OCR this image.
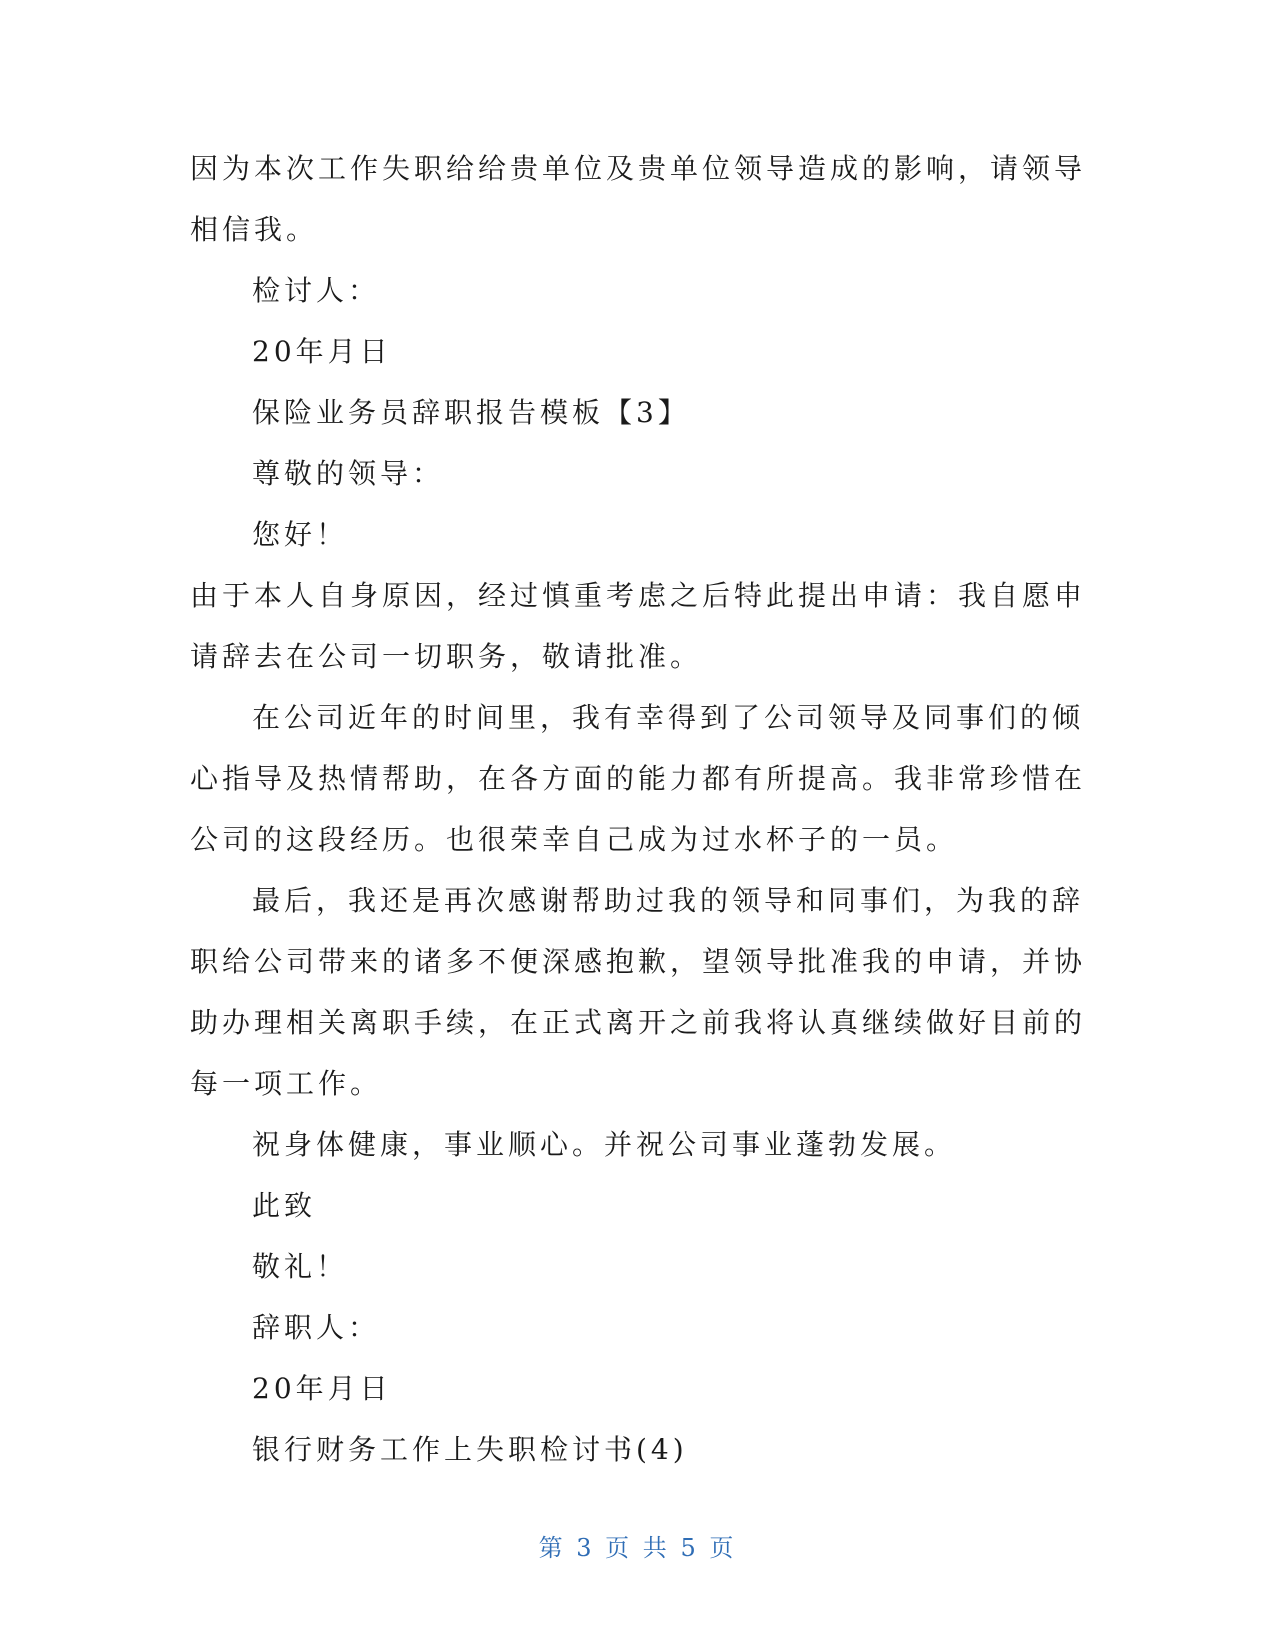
因为本次工作失职给给贵单位及贵单位领导造成的影响，请领导
相信我。
检讨人：
20年月日
保险业务员辞职报告模板【3】
尊敬的领导：
您好！
由于本人自身原因，经过慎重考虑之后特此提出申请：我自愿申
请辞去在公司一切职务，敬请批准。
在公司近年的时间里，我有幸得到了公司领导及同事们的倾
心指导及热情帮助，在各方面的能力都有所提高。我非常珍惜在
公司的这段经历。也很荣幸自己成为过水杯子的一员。
最后，我还是再次感谢帮助过我的领导和同事们，为我的辞
职给公司带来的诸多不便深感抱歉，望领导批准我的申请，并协
助办理相关离职手续，在正式离开之前我将认真继续做好目前的
每一项工作。
祝身体健康，事业顺心。并祝公司事业蓬勃发展。
此致
敬礼！
辞职人：
20年月日
银行财务工作上失职检讨书(4)
第 3 页 共 5 页
